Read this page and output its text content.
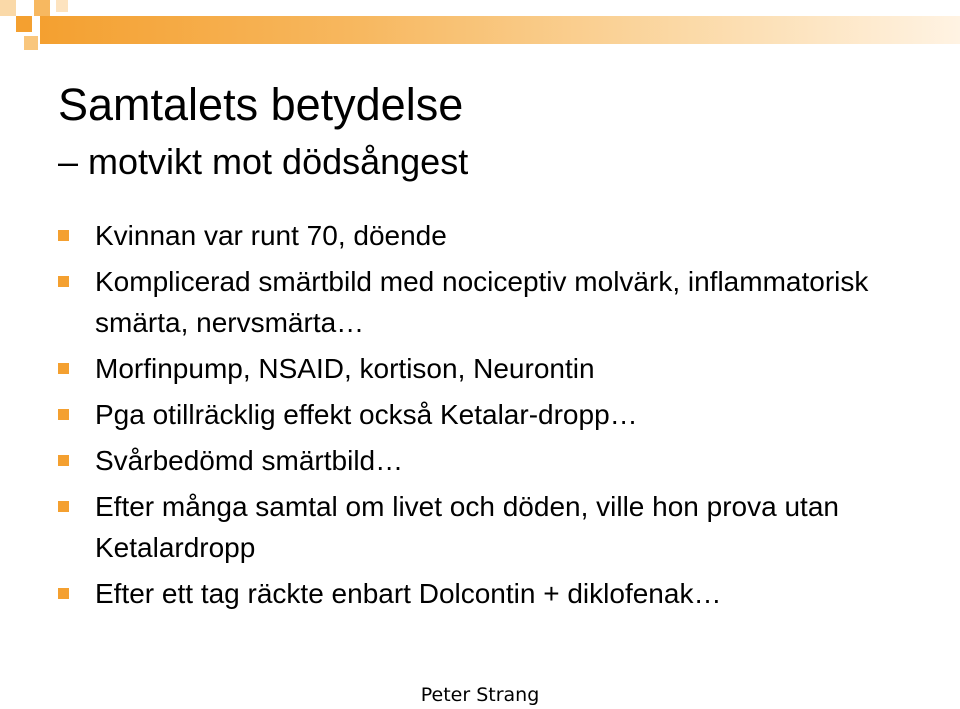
Samtalets betydelse
– motvikt mot dödsångest
Kvinnan var runt 70, döende
Komplicerad smärtbild med nociceptiv molvärk, inflammatorisk smärta, nervsmärta…
Morfinpump, NSAID, kortison, Neurontin
Pga otillräcklig effekt också Ketalar-dropp…
Svårbedömd smärtbild…
Efter många samtal om livet och döden, ville hon prova utan Ketalardropp
Efter ett tag räckte enbart Dolcontin + diklofenak…
Peter Strang
